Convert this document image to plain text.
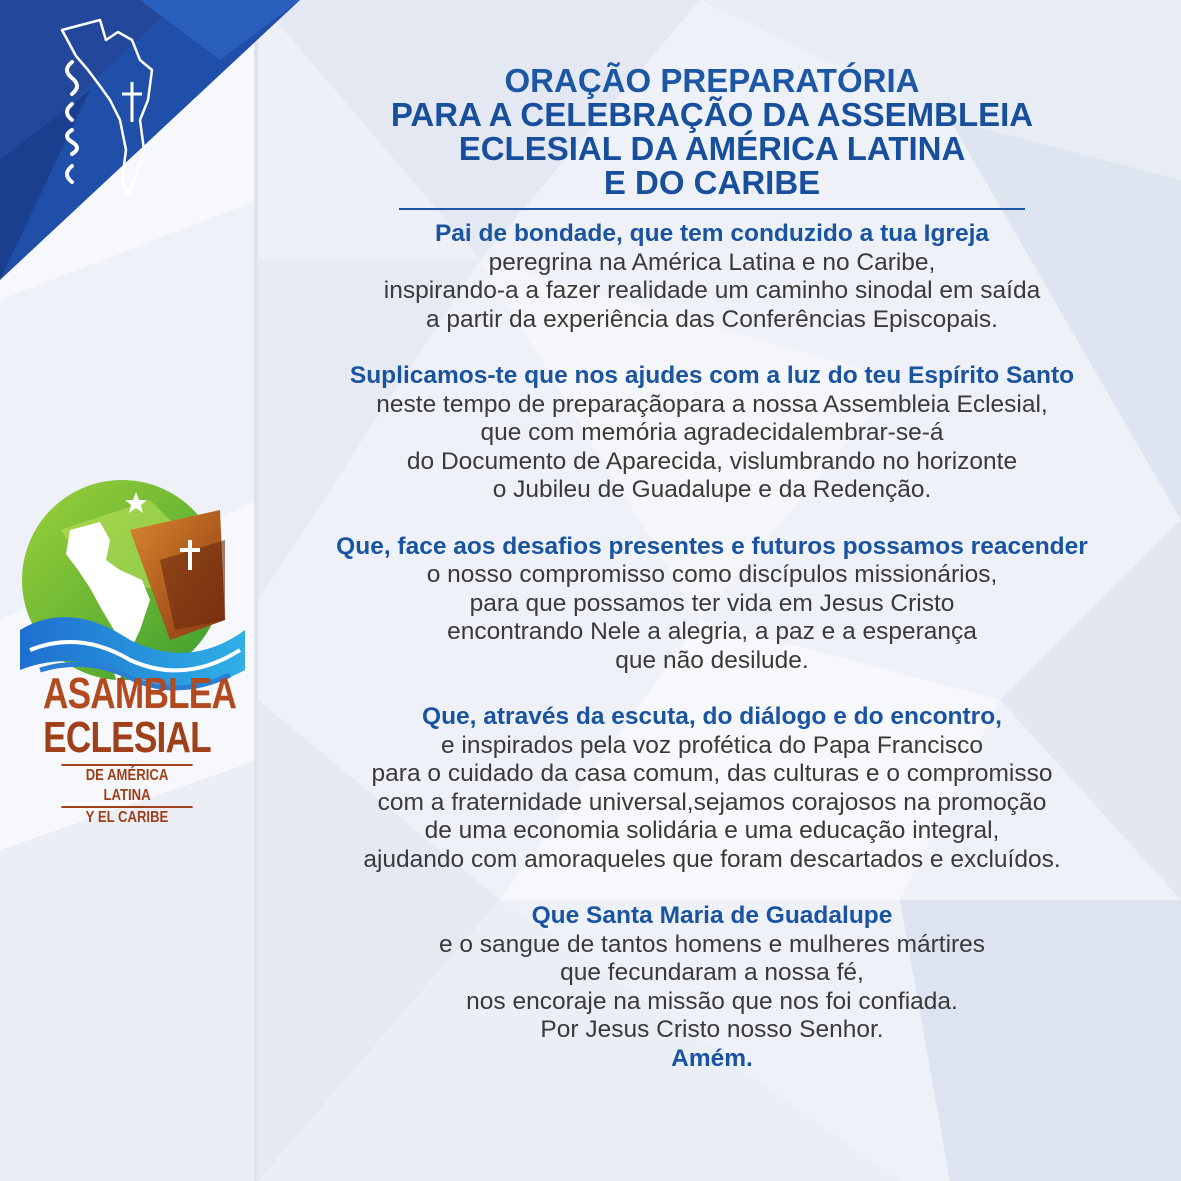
ASAMBLEA
ECLESIAL
DE AMÉRICA LATINA
Y EL CARIBE
ORAÇÃO PREPARATÓRIA
PARA A CELEBRAÇÃO DA ASSEMBLEIA
ECLESIAL DA AMÉRICA LATINA
E DO CARIBE

Pai de bondade, que tem conduzido a tua Igreja

peregrina na América Latina e no Caribe,

inspirando-a a fazer realidade um caminho sinodal em saída

a partir da experiência das Conferências Episcopais.

Suplicamos-te que nos ajudes com a luz do teu Espírito Santo

neste tempo de preparaçãopara a nossa Assembleia Eclesial,

que com memória agradecidalembrar-se-á

do Documento de Aparecida, vislumbrando no horizonte

o Jubileu de Guadalupe e da Redenção.

Que, face aos desafios presentes e futuros possamos reacender

o nosso compromisso como discípulos missionários,

para que possamos ter vida em Jesus Cristo

encontrando Nele a alegria, a paz e a esperança

que não desilude.

Que, através da escuta, do diálogo e do encontro,

e inspirados pela voz profética do Papa Francisco

para o cuidado da casa comum, das culturas e o compromisso

com a fraternidade universal,sejamos corajosos na promoção

de uma economia solidária e uma educação integral,

ajudando com amoraqueles que foram descartados e excluídos.

Que Santa Maria de Guadalupe

e o sangue de tantos homens e mulheres mártires

que fecundaram a nossa fé,

nos encoraje na missão que nos foi confiada.

Por Jesus Cristo nosso Senhor.

Amém.
